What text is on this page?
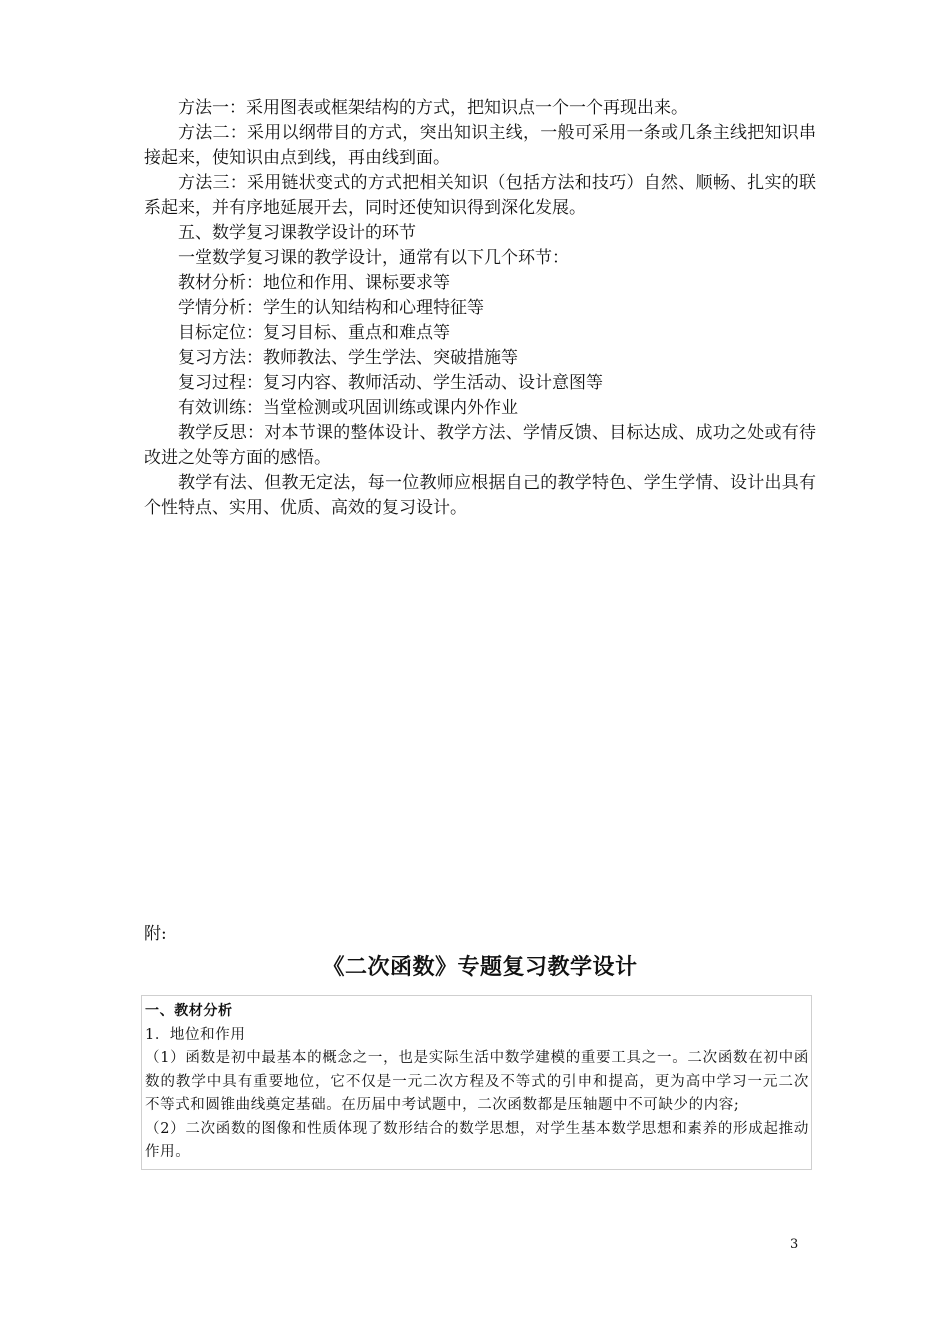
方法一：采用图表或框架结构的方式，把知识点一个一个再现出来。

方法二：采用以纲带目的方式，突出知识主线，一般可采用一条或几条主线把知识串接起来，使知识由点到线，再由线到面。

方法三：采用链状变式的方式把相关知识（包括方法和技巧）自然、顺畅、扎实的联系起来，并有序地延展开去，同时还使知识得到深化发展。

五、数学复习课教学设计的环节

一堂数学复习课的教学设计，通常有以下几个环节：

教材分析：地位和作用、课标要求等

学情分析：学生的认知结构和心理特征等

目标定位：复习目标、重点和难点等

复习方法：教师教法、学生学法、突破措施等

复习过程：复习内容、教师活动、学生活动、设计意图等

有效训练：当堂检测或巩固训练或课内外作业

教学反思：对本节课的整体设计、教学方法、学情反馈、目标达成、成功之处或有待改进之处等方面的感悟。

教学有法、但教无定法，每一位教师应根据自己的教学特色、学生学情、设计出具有个性特点、实用、优质、高效的复习设计。

附:

《二次函数》专题复习教学设计

一、教材分析

1．地位和作用

（1）函数是初中最基本的概念之一，也是实际生活中数学建模的重要工具之一。二次函数在初中函数的教学中具有重要地位，它不仅是一元二次方程及不等式的引申和提高，更为高中学习一元二次不等式和圆锥曲线奠定基础。在历届中考试题中，二次函数都是压轴题中不可缺少的内容;

（2）二次函数的图像和性质体现了数形结合的数学思想，对学生基本数学思想和素养的形成起推动作用。

3
